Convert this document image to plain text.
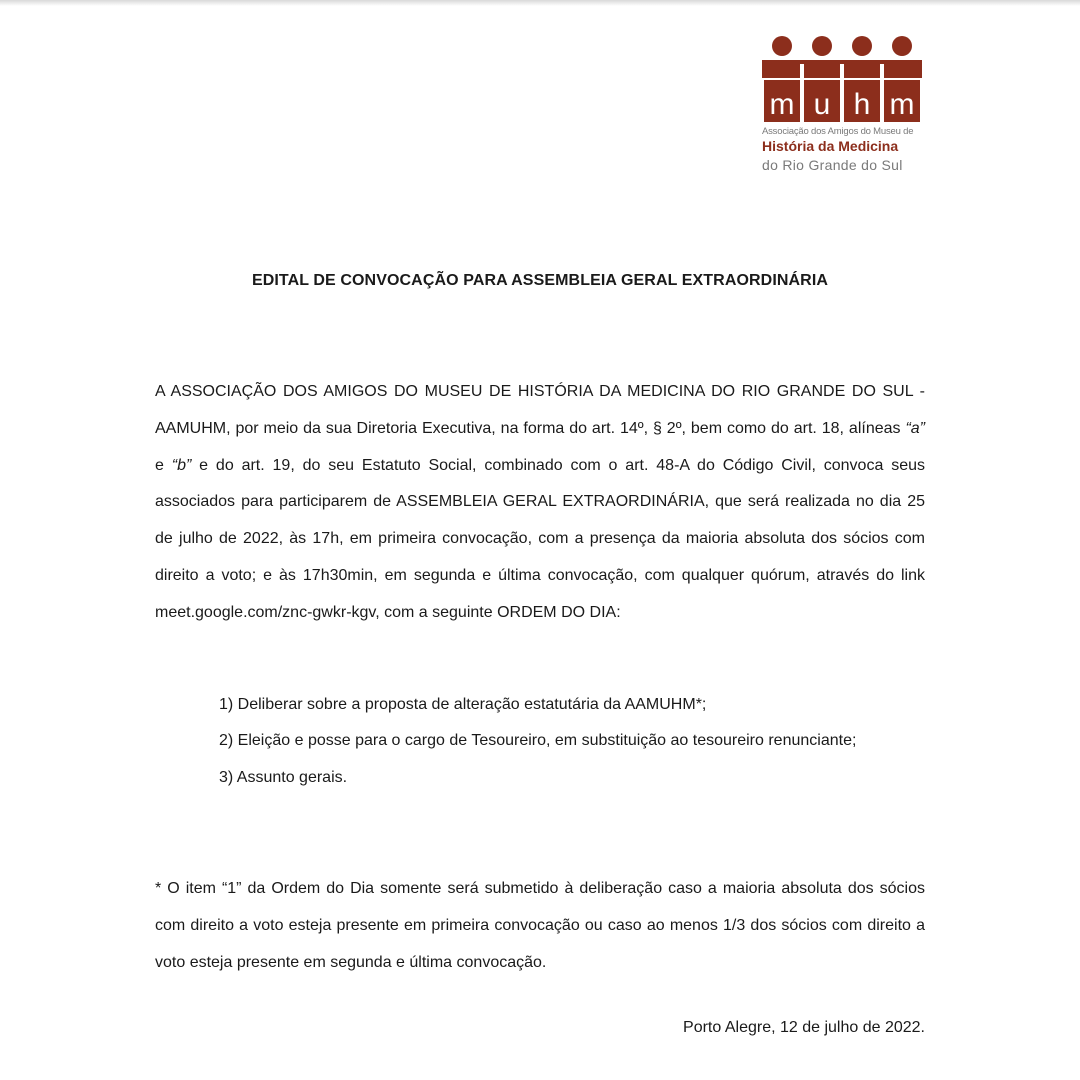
m u h m
Associação dos Amigos do Museu de
História da Medicina
do Rio Grande do Sul
EDITAL DE CONVOCAÇÃO PARA ASSEMBLEIA GERAL EXTRAORDINÁRIA

A ASSOCIAÇÃO DOS AMIGOS DO MUSEU DE HISTÓRIA DA MEDICINA DO RIO GRANDE DO SUL - AAMUHM, por meio da sua Diretoria Executiva, na forma do art. 14º, § 2º, bem como do art. 18, alíneas “a” e “b” e do art. 19, do seu Estatuto Social, combinado com o art. 48-A do Código Civil, convoca seus associados para participarem de ASSEMBLEIA GERAL EXTRAORDINÁRIA, que será realizada no dia 25 de julho de 2022, às 17h, em primeira convocação, com a presença da maioria absoluta dos sócios com direito a voto; e às 17h30min, em segunda e última convocação, com qualquer quórum, através do link meet.google.com/znc-gwkr-kgv, com a seguinte ORDEM DO DIA:

1) Deliberar sobre a proposta de alteração estatutária da AAMUHM*;

2) Eleição e posse para o cargo de Tesoureiro, em substituição ao tesoureiro renunciante;

3) Assunto gerais.

* O item “1” da Ordem do Dia somente será submetido à deliberação caso a maioria absoluta dos sócios com direito a voto esteja presente em primeira convocação ou caso ao menos 1/3 dos sócios com direito a voto esteja presente em segunda e última convocação.

Porto Alegre, 12 de julho de 2022.
